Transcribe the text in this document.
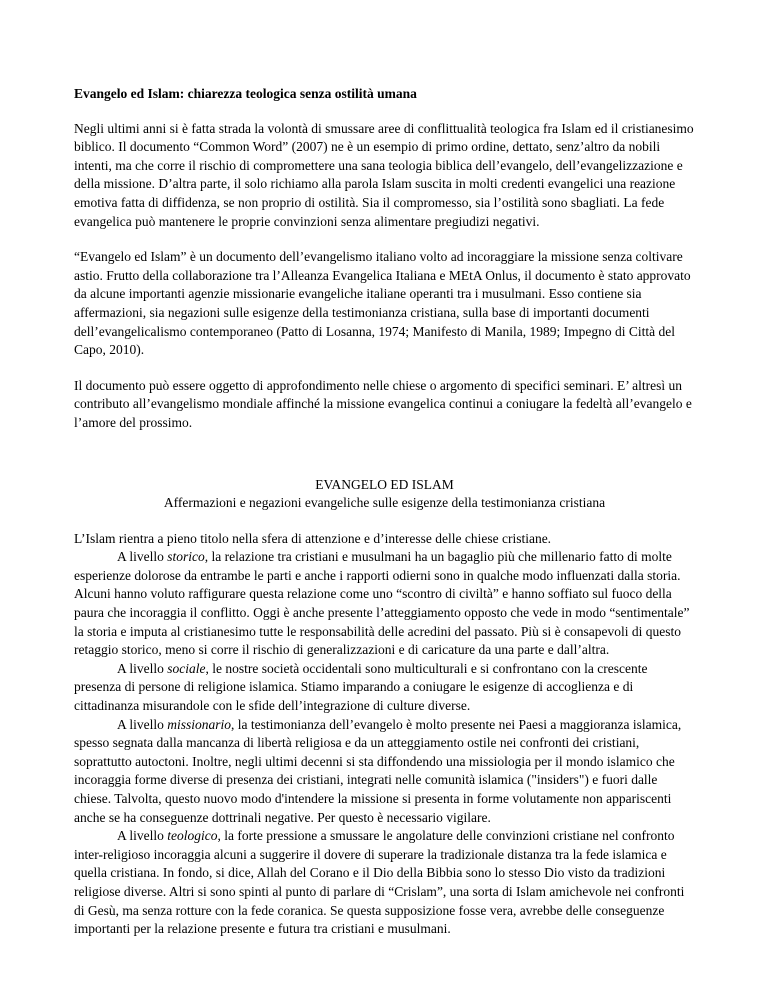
Evangelo ed Islam: chiarezza teologica senza ostilità umana

Negli ultimi anni si è fatta strada la volontà di smussare aree di conflittualità teologica fra Islam ed il cristianesimo biblico. Il documento “Common Word” (2007) ne è un esempio di primo ordine, dettato, senz’altro da nobili intenti, ma che corre il rischio di compromettere una sana teologia biblica dell’evangelo, dell’evangelizzazione e della missione. D’altra parte, il solo richiamo alla parola Islam suscita in molti credenti evangelici una reazione emotiva fatta di diffidenza, se non proprio di ostilità. Sia il compromesso, sia l’ostilità sono sbagliati. La fede evangelica può mantenere le proprie convinzioni senza alimentare pregiudizi negativi.

“Evangelo ed Islam” è un documento dell’evangelismo italiano volto ad incoraggiare la missione senza coltivare astio. Frutto della collaborazione tra l’Alleanza Evangelica Italiana e MEtA Onlus, il documento è stato approvato da alcune importanti agenzie missionarie evangeliche italiane operanti tra i musulmani. Esso contiene sia affermazioni, sia negazioni sulle esigenze della testimonianza cristiana, sulla base di importanti documenti dell’evangelicalismo contemporaneo (Patto di Losanna, 1974; Manifesto di Manila, 1989; Impegno di Città del Capo, 2010).

Il documento può essere oggetto di approfondimento nelle chiese o argomento di specifici seminari. E’ altresì un contributo all’evangelismo mondiale affinché la missione evangelica continui a coniugare la fedeltà all’evangelo e l’amore del prossimo.

EVANGELO ED ISLAM

Affermazioni e negazioni evangeliche sulle esigenze della testimonianza cristiana

L’Islam rientra a pieno titolo nella sfera di attenzione e d’interesse delle chiese cristiane.

A livello storico, la relazione tra cristiani e musulmani ha un bagaglio più che millenario fatto di molte esperienze dolorose da entrambe le parti e anche i rapporti odierni sono in qualche modo influenzati dalla storia. Alcuni hanno voluto raffigurare questa relazione come uno “scontro di civiltà” e hanno soffiato sul fuoco della paura che incoraggia il conflitto. Oggi è anche presente l’atteggiamento opposto che vede in modo “sentimentale” la storia e imputa al cristianesimo tutte le responsabilità delle acredini del passato. Più si è consapevoli di questo retaggio storico, meno si corre il rischio di generalizzazioni e di caricature da una parte e dall’altra.

A livello sociale, le nostre società occidentali sono multiculturali e si confrontano con la crescente presenza di persone di religione islamica. Stiamo imparando a coniugare le esigenze di accoglienza e di cittadinanza misurandole con le sfide dell’integrazione di culture diverse.

A livello missionario, la testimonianza dell’evangelo è molto presente nei Paesi a maggioranza islamica, spesso segnata dalla mancanza di libertà religiosa e da un atteggiamento ostile nei confronti dei cristiani, soprattutto autoctoni. Inoltre, negli ultimi decenni si sta diffondendo una missiologia per il mondo islamico che incoraggia forme diverse di presenza dei cristiani, integrati nelle comunità islamica ("insiders") e fuori dalle chiese. Talvolta, questo nuovo modo d'intendere la missione si presenta in forme volutamente non appariscenti anche se ha conseguenze dottrinali negative. Per questo è necessario vigilare.

A livello teologico, la forte pressione a smussare le angolature delle convinzioni cristiane nel confronto inter-religioso incoraggia alcuni a suggerire il dovere di superare la tradizionale distanza tra la fede islamica e quella cristiana. In fondo, si dice, Allah del Corano e il Dio della Bibbia sono lo stesso Dio visto da tradizioni religiose diverse. Altri si sono spinti al punto di parlare di “Crislam”, una sorta di Islam amichevole nei confronti di Gesù, ma senza rotture con la fede coranica. Se questa supposizione fosse vera, avrebbe delle conseguenze importanti per la relazione presente e futura tra cristiani e musulmani.
